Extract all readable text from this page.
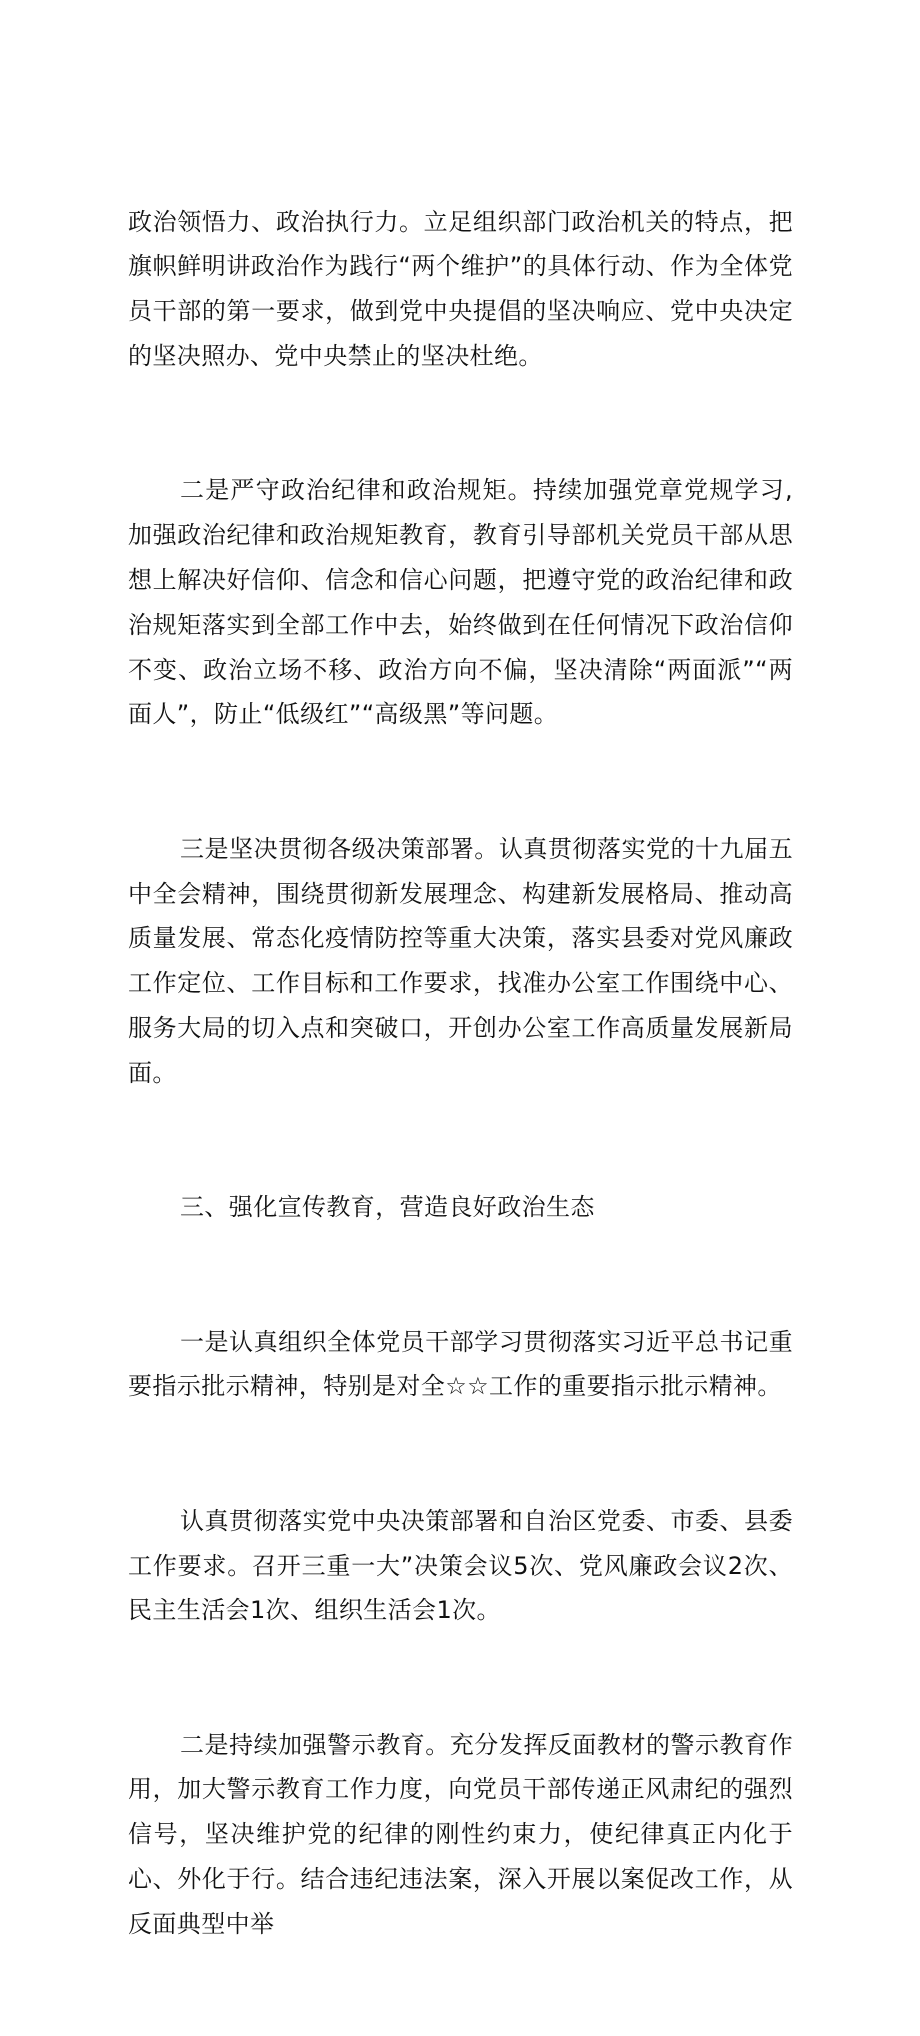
政治领悟力、政治执行力。立足组织部门政治机关的特点，把旗帜鲜明讲政治作为践行“两个维护”的具体行动、作为全体党员干部的第一要求，做到党中央提倡的坚决响应、党中央决定的坚决照办、党中央禁止的坚决杜绝。

二是严守政治纪律和政治规矩。持续加强党章党规学习,加强政治纪律和政治规矩教育，教育引导部机关党员干部从思想上解决好信仰、信念和信心问题，把遵守党的政治纪律和政治规矩落实到全部工作中去，始终做到在任何情况下政治信仰不变、政治立场不移、政治方向不偏，坚决清除“两面派”“两面人”，防止“低级红”“高级黑”等问题。

三是坚决贯彻各级决策部署。认真贯彻落实党的十九届五中全会精神，围绕贯彻新发展理念、构建新发展格局、推动高质量发展、常态化疫情防控等重大决策，落实县委对党风廉政工作定位、工作目标和工作要求，找准办公室工作围绕中心、服务大局的切入点和突破口，开创办公室工作高质量发展新局面。

三、强化宣传教育，营造良好政治生态

一是认真组织全体党员干部学习贯彻落实习近平总书记重要指示批示精神，特别是对全☆☆工作的重要指示批示精神。

认真贯彻落实党中央决策部署和自治区党委、市委、县委工作要求。召开三重一大”决策会议5次、党风廉政会议2次、民主生活会1次、组织生活会1次。

二是持续加强警示教育。充分发挥反面教材的警示教育作用，加大警示教育工作力度，向党员干部传递正风肃纪的强烈信号，坚决维护党的纪律的刚性约束力，使纪律真正内化于心、外化于行。结合违纪违法案，深入开展以案促改工作，从反面典型中举
